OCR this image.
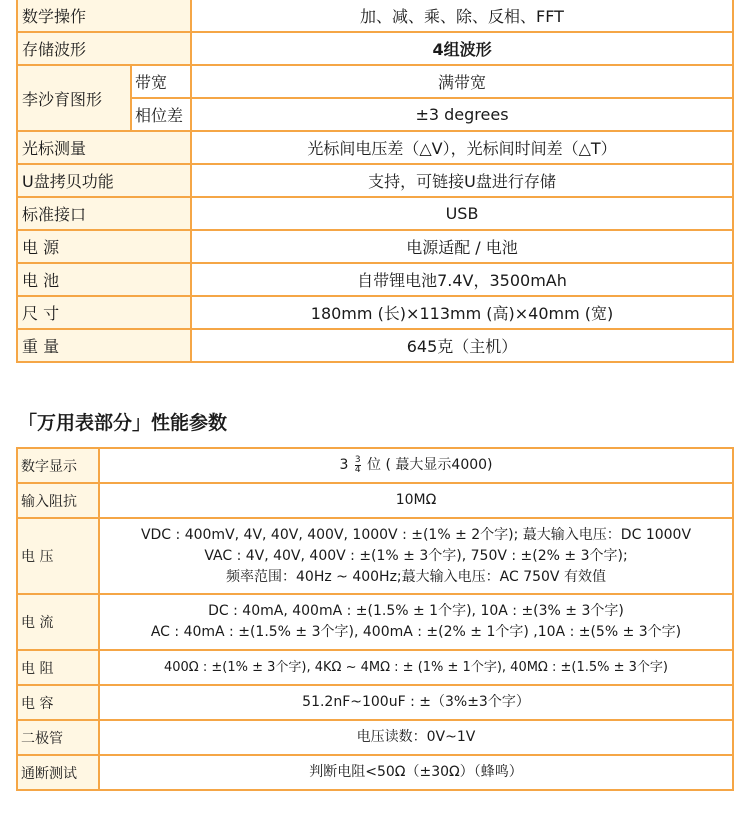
数学操作		加、减、乘、除、反相、FFT
存储波形		4组波形
李沙育图形	带宽	满带宽
	相位差	±3 degrees
光标测量		光标间电压差（△V），光标间时间差（△T）
U盘拷贝功能		支持，可链接U盘进行存储
标准接口		USB
电 源		电源适配 / 电池
电 池		自带锂电池7.4V，3500mAh
尺 寸		180mm (长)×113mm (高)×40mm (宽)
重 量		645克（主机）
「万用表部分」性能参数
数字显示	$3 \frac{3}{4}$ 位 ( 蕞大显示4000)
输入阻抗	10MΩ
电 压	VDC : 400mV, 4V, 40V, 400V, 1000V : ±(1% ± 2个字); 蕞大输入电压：DC 1000V
VAC : 4V, 40V, 400V : ±(1% ± 3个字), 750V : ±(2% ± 3个字);
频率范围：40Hz ~ 400Hz;蕞大输入电压：AC 750V 有效值

电 流	DC : 40mA, 400mA : ±(1.5% ± 1个字), 10A : ±(3% ± 3个字)
AC : 40mA : ±(1.5% ± 3个字), 400mA : ±(2% ± 1个字) ,10A : ±(5% ± 3个字)

电 阻	400Ω : ±(1% ± 3个字), 4KΩ ~ 4MΩ : ± (1% ± 1个字), 40MΩ : ±(1.5% ± 3个字)
电 容	51.2nF~100uF : ±（3%±3个字）
二极管	电压读数：0V~1V
通断测试	判断电阻<50Ω（±30Ω）（蜂鸣）
